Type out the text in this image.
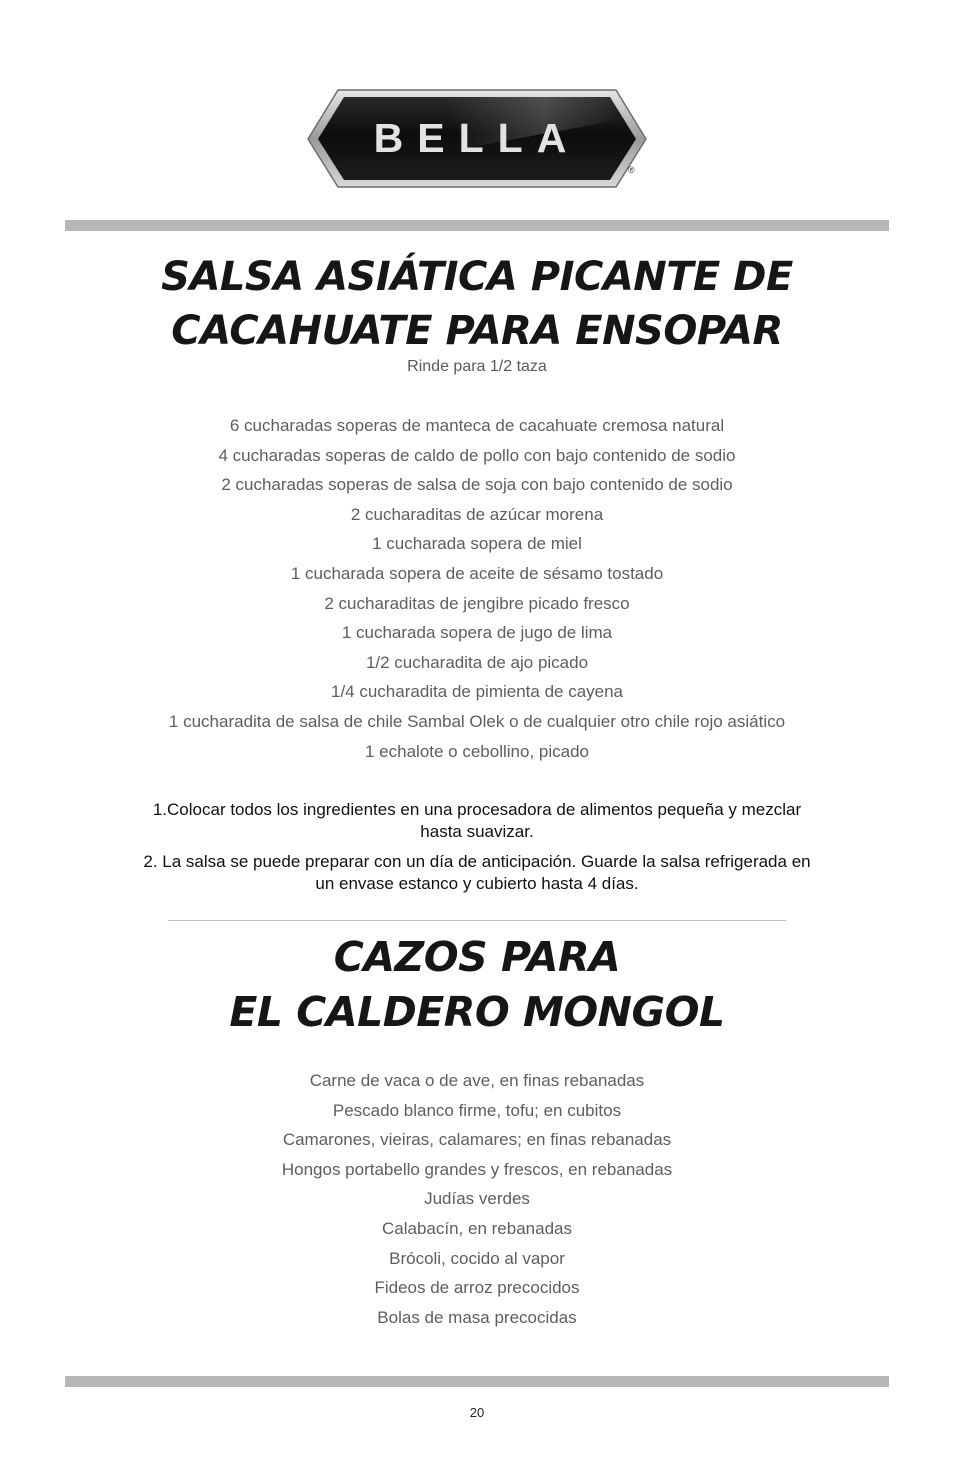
BELLA
®
SALSA ASIÁTICA PICANTE DE
CACAHUATE PARA ENSOPAR
Rinde para 1/2 taza
6 cucharadas soperas de manteca de cacahuate cremosa natural
4 cucharadas soperas de caldo de pollo con bajo contenido de sodio
2 cucharadas soperas de salsa de soja con bajo contenido de sodio
2 cucharaditas de azúcar morena
1 cucharada sopera de miel
1 cucharada sopera de aceite de sésamo tostado
2 cucharaditas de jengibre picado fresco
1 cucharada sopera de jugo de lima
1/2 cucharadita de ajo picado
1/4 cucharadita de pimienta de cayena
1 cucharadita de salsa de chile Sambal Olek o de cualquier otro chile rojo asiático
1 echalote o cebollino, picado

1.Colocar todos los ingredientes en una procesadora de alimentos pequeña y mezclar hasta suavizar.

2. La salsa se puede preparar con un día de anticipación. Guarde la salsa refrigerada en un envase estanco y cubierto hasta 4 días.

CAZOS PARA
EL CALDERO MONGOL
Carne de vaca o de ave, en finas rebanadas
Pescado blanco firme, tofu; en cubitos
Camarones, vieiras, calamares; en finas rebanadas
Hongos portabello grandes y frescos, en rebanadas
Judías verdes
Calabacín, en rebanadas
Brócoli, cocido al vapor
Fideos de arroz precocidos
Bolas de masa precocidas
20
